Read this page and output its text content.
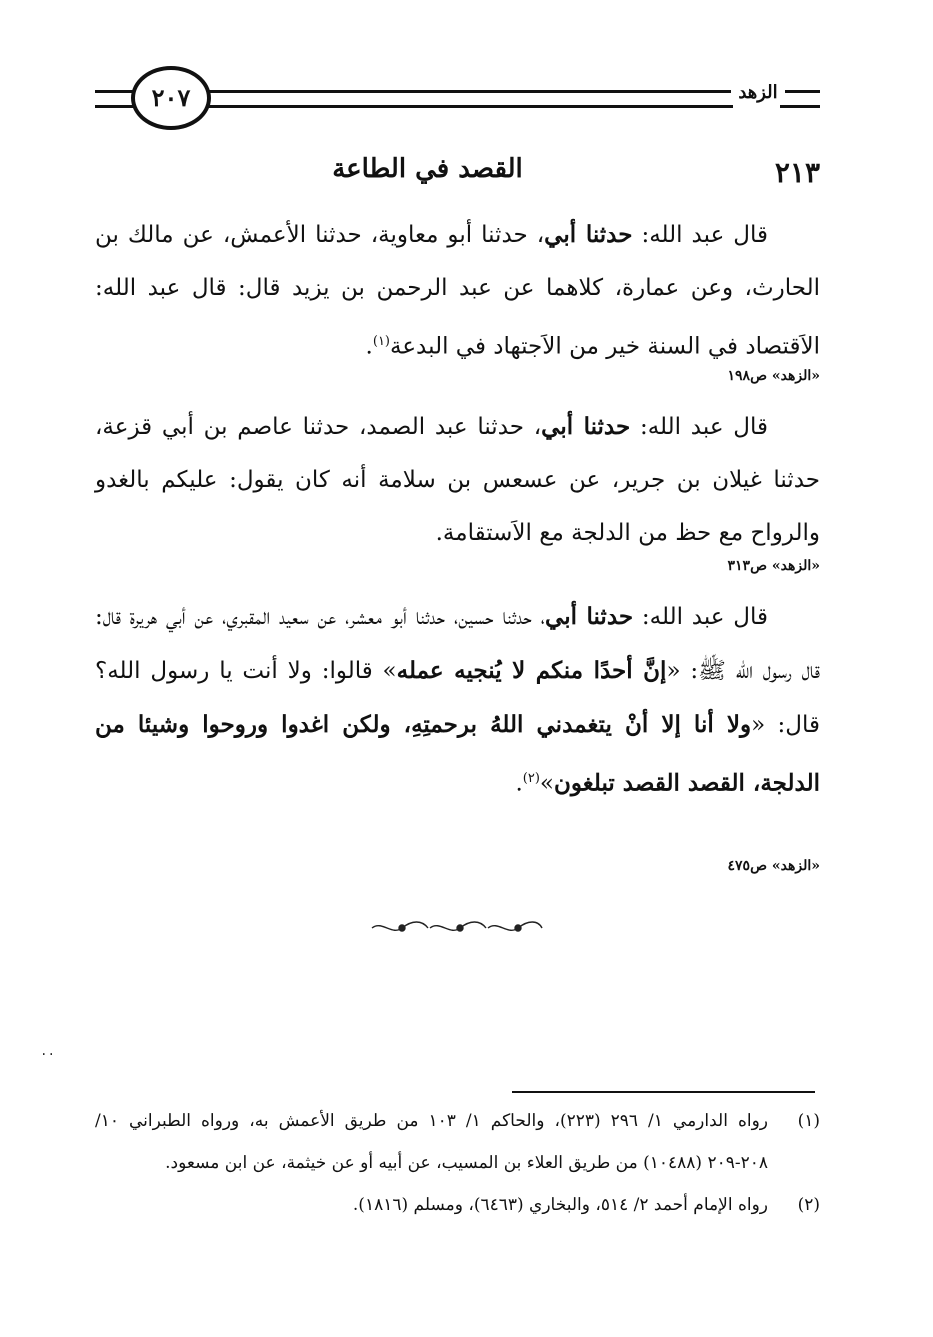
٢٠٧	الزهد
٢١٣
القصد في الطاعة

قال عبد الله: حدثنا أبي، حدثنا أبو معاوية، حدثنا الأعمش، عن مالك بن الحارث، وعن عمارة، كلاهما عن عبد الرحمن بن يزيد قال: قال عبد الله: الاَقتصاد في السنة خير من الاَجتهاد في البدعة$^{(١)}$.

«الزهد» ص١٩٨

قال عبد الله: حدثنا أبي، حدثنا عبد الصمد، حدثنا عاصم بن أبي قزعة، حدثنا غيلان بن جرير، عن عسعس بن سلامة أنه كان يقول: عليكم بالغدو والرواح مع حظ من الدلجة مع الاَستقامة.

«الزهد» ص٣١٣

قال عبد الله: حدثنا أبي، حدثنا حسين، حدثنا أبو معشر، عن سعيد المقبري، عن أبي هريرة قال: قال رسول الله ﷺ: «إنَّ أحدًا منكم لا يُنجيه عمله» قالوا: ولا أنت يا رسول الله؟ قال: «ولا أنا إلا أنْ يتغمدني اللهُ برحمتِهِ، ولكن اغدوا وروحوا وشيئا من الدلجة، القصد القصد تبلغون»$^{(٢)}$.

«الزهد» ص٤٧٥
٠٠
(١)
رواه الدارمي ١/ ٢٩٦ (٢٢٣)، والحاكم ١/ ١٠٣ من طريق الأعمش به، ورواه الطبراني ١٠/ ٢٠٨-٢٠٩ (١٠٤٨٨) من طريق العلاء بن المسيب، عن أبيه أو عن خيثمة، عن ابن مسعود.
(٢)
رواه الإمام أحمد ٢/ ٥١٤، والبخاري (٦٤٦٣)، ومسلم (١٨١٦).
